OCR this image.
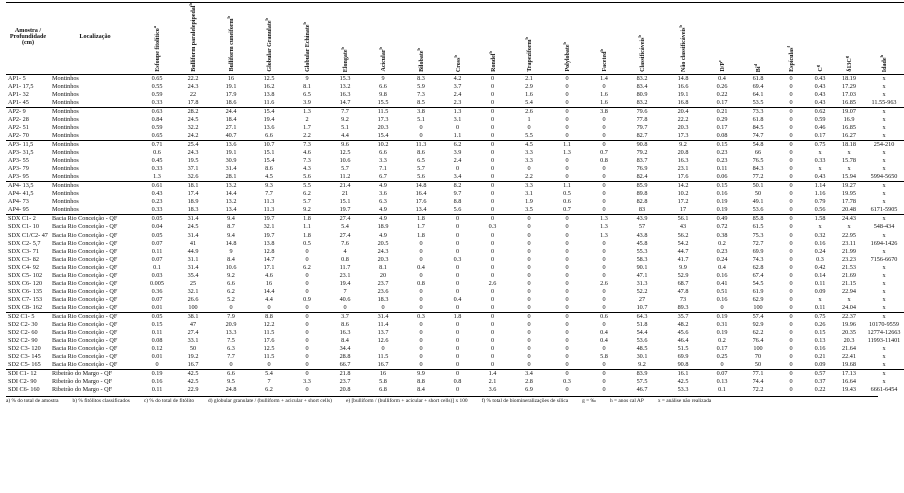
Amostra / Profundidade (cm)	Localização	Esfoupe fitolítico$^a$	Bulliform paralelepipedal$^b$	Bulliform cuneiform$^b$	Globular Granulate$^b$	Globular Echinate$^b$	Elongate$^b$	Acicular$^b$	Bilobate$^b$	Cross$^b$	Rondel$^b$	Trapeziform$^b$	Polylobate$^b$	Faceted$^b$	Classificáveis$^b$	Não classificáveis$^b$	$D/P^c$	Bi$^d$	Espículas$^f$	$C^g$	$\delta 13C^g$	Idade$^h$

AP1- 5	Montinhos	0.65	22.2	16	12.5	9	15.3	9	8.3	4.2	0	2.1	0	1.4	83.2	14.8	0.4	61.8	0	0.43	18.19	x
AP1- 17,5	Montinhos	0.55	24.3	19.1	16.2	8.1	13.2	6.6	5.9	3.7	0	2.9	0	0	83.4	16.6	0.26	69.4	0	0.43	17.29	x
AP1- 32	Montinhos	0.59	22	17.9	13.8	6.5	16.3	9.8	7.3	2.4	0	1.6	0	1.6	80.9	19.1	0.22	64.1	0	0.43	17.03	x
AP1- 45	Montinhos	0.33	17.8	18.6	11.6	3.9	14.7	15.5	8.5	2.3	0	5.4	0	1.6	83.2	16.8	0.17	53.5	0	0.43	16.85	11.55-963
AP2- 9	Montinhos	0.63	28.2	24.4	15.4	1.3	7.7	11.5	3.8	1.3	0	2.6	0	3.8	79.6	20.4	0.21	73.3	0	0.62	19.07	x
AP2- 28	Montinhos	0.84	24.5	18.4	19.4	2	9.2	17.3	5.1	3.1	0	1	0	0	77.8	22.2	0.29	61.8	0	0.59	16.9	x
AP2- 51	Montinhos	0.59	32.2	27.1	13.6	1.7	5.1	20.3	0	0	0	0	0	0	79.7	20.3	0.17	84.5	0	0.46	16.85	x
AP2- 70	Montinhos	0.65	24.2	40.7	6.6	2.2	4.4	15.4	0	1.1	0	5.5	0	0	82.7	17.3	0.08	74.7	0	0.17	16.27	x
AP3- 11,5	Montinhos	0.71	25.4	13.6	10.7	7.3	9.6	10.2	11.3	6.2	0	4.5	1.1	0	90.8	9.2	0.15	54.8	0	0.75	18.18	254-210
AP3- 31,5	Montinhos	0.6	24.3	19.1	15.1	4.6	12.5	6.6	8.6	3.9	0	3.3	1.3	0.7	79.2	20.8	0.23	66	0	x	x	x
AP3- 55	Montinhos	0.45	19.5	30.9	15.4	7.3	10.6	3.3	6.5	2.4	0	3.3	0	0.8	83.7	16.3	0.23	76.5	0	0.33	15.78	x
AP3- 79	Montinhos	0.33	37.1	31.4	8.6	4.3	5.7	7.1	5.7	0	0	0	0	0	76.9	23.1	0.11	84.3	0	x	x	x
AP3- 95	Montinhos	1.3	32.6	28.1	4.5	5.6	11.2	6.7	5.6	3.4	0	2.2	0	0	82.4	17.6	0.06	77.2	0	0.43	15.94	5994-5650
AP4- 13,5	Montinhos	0.61	18.1	13.2	9.3	5.5	21.4	4.9	14.8	8.2	0	3.3	1.1	0	85.9	14.2	0.15	50.1	0	1.14	19.27	x
AP4- 41,5	Montinhos	0.43	17.4	14.4	7.7	6.2	21	3.6	16.4	9.7	0	3.1	0.5	0	89.8	10.2	0.16	50	0	1.16	19.95	x
AP4- 73	Montinhos	0.23	18.9	13.2	11.3	5.7	15.1	6.3	17.6	8.8	0	1.9	0.6	0	82.8	17.2	0.19	49.1	0	0.79	17.78	x
AP4- 95	Montinhos	0.33	18.3	13.4	11.3	9.2	19.7	4.9	13.4	5.6	0	3.5	0.7	0	83	17	0.19	53.6	0	0.56	20.48	6171-5905
SDX C1- 2	Bacia Rio Conceição - QF	0.05	31.4	9.4	19.7	1.8	27.4	4.9	1.8	0	0	0	0	1.3	43.9	56.1	0.49	85.8	0	1.58	24.43	x
SDX C1- 10	Bacia Rio Conceição - QF	0.04	24.5	8.7	32.1	1.1	5.4	18.9	1.7	0	0.3	0	0	1.3	57	43	0.72	61.5	0	x	x	548-434
SDX C1/C2- 47	Bacia Rio Conceição - QF	0.05	31.4	9.4	19.7	1.8	27.4	4.9	1.8	0	0	0	0	1.3	43.8	56.2	0.38	75.3	0	0.32	22.95	x
SDX C2- 5,7	Bacia Rio Conceição - QF	0.07	41	14.8	13.8	0.5	7.6	20.5	0	0	0	0	0	0	45.8	54.2	0.2	72.7	0	0.16	23.11	1694-1426
SDX C3- 71	Bacia Rio Conceição - QF	0.11	44.9	9	12.8	0	4	24.3	0	0	0	0	0	0	55.3	44.7	0.23	69.9	0	0.24	21.99	x
SDX C3- 82	Bacia Rio Conceição - QF	0.07	31.1	8.4	14.7	0	0.8	20.3	0	0.3	0	0	0	0	58.3	41.7	0.24	74.3	0	0.3	23.23	7156-6670
SDX C4- 92	Bacia Rio Conceição - QF	0.1	31.4	10.6	17.1	6.2	11.7	8.1	0.4	0	0	0	0	0	90.1	9.9	0.4	62.8	0	0.42	21.53	x
SDX C5- 102	Bacia Rio Conceição - QF	0.03	35.4	9.2	4.6	0	23.1	20	0	0	0	0	0	0	47.1	52.9	0.16	67.4	0	0.14	21.69	x
SDX C6- 120	Bacia Rio Conceição - QF	0.005	25	6.6	16	0	19.4	23.7	0.8	0	2.6	0	0	2.6	31.3	68.7	0.41	54.5	0	0.11	21.15	x
SDX C6- 135	Bacia Rio Conceição - QF	0.36	32.1	6.2	14.4	0	7	23.6	0	0	0	0	0	0	52.2	47.8	0.51	61.9	0	0.09	22.94	x
SDX C7- 153	Bacia Rio Conceição - QF	0.07	26.6	5.2	4.4	0.9	40.6	18.3	0	0.4	0	0	0	0	27	73	0.16	62.9	0	x	x	x
SDX C8- 162	Bacia Rio Conceição - QF	0.01	100	0	0	0	0	0	0	0	0	0	0	0	10.7	89.3	0	100	0	0.11	24.04	x
SD2 C1- 5	Bacia Rio Conceição - QF	0.05	38.1	7.9	8.8	0	3.7	31.4	0.3	1.8	0	0	0	0.6	64.3	35.7	0.19	57.4	0	0.75	22.37	x
SD2 C2- 30	Bacia Rio Conceição - QF	0.15	47	20.9	12.2	0	8.6	11.4	0	0	0	0	0	0	51.8	48.2	0.31	92.9	0	0.26	19.96	10170-9559
SD2 C2- 60	Bacia Rio Conceição - QF	0.11	27.4	13.3	11.5	0	16.3	13.7	0	0	0	0	0	0.4	54.4	45.6	0.19	62.2	0	0.15	20.35	12774-12663
SD2 C2- 90	Bacia Rio Conceição - QF	0.08	33.1	7.5	17.6	0	8.4	12.6	0	0	0	0	0	0.4	53.6	46.4	0.2	76.4	0	0.13	20.3	11993-11401
SD2 C3- 120	Bacia Rio Conceição - QF	0.12	50	6.3	12.5	0	34.4	0	0	0	0	0	0	0	48.5	51.5	0.17	100	0	0.16	21.64	x
SD2 C3- 145	Bacia Rio Conceição - QF	0.01	19.2	7.7	11.5	0	28.8	11.5	0	0	0	0	0	5.8	30.1	69.9	0.25	70	0	0.21	22.41	x
SD2 C5- 165	Bacia Rio Conceição - QF	0	16.7	0	0	0	66.7	16.7	0	0	0	0	0	0	9.2	90.8	0	50	0	0.09	19.68	x
SDI C1- 12	Ribeirão do Margo - QF	0.19	42.5	6.6	5.4	0	21.8	16	9.9	0	1.4	3.4	0	0	83.9	16.1	0.07	77.1	0	0.57	17.13	x
SDI C2- 90	Ribeirão do Margo - QF	0.16	42.5	9.5	7	3.3	23.7	5.8	8.8	0.8	2.1	2.8	0.3	0	57.5	42.5	0.13	74.4	0	0.37	16.64	x
SDI C6- 160	Ribeirão do Margo - QF	0.11	22.9	24.8	6.2	0	20.8	6.8	8.4	0	3.6	6.9	0	0	46.7	53.3	0.1	72.2	0	0.22	19.43	6661-6454
a) % do total de amostra	b) % fitólitos classificados	c) % do total de fitólito	d) globular granulate / (bulliform + acicular + short cells)	e) [bulliform / (bulliform + acicular + short cells)] x 100	f) % total de biomineralizações de sílica	g = ‰	h = anos cal AP	x = análise não realizada
